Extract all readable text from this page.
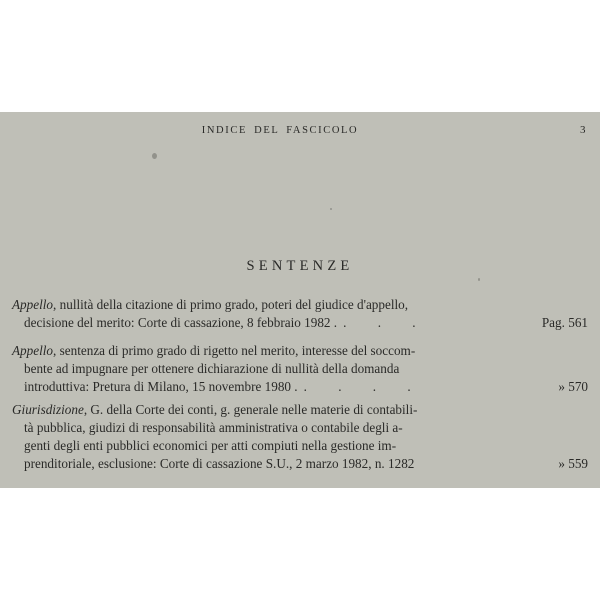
INDICE DEL FASCICOLO	3
SENTENZE
Appello, nullità della citazione di primo grado, poteri del giudice d'appello,
decisione del merito: Corte di cassazione, 8 febbraio 1982 . . . .	Pag. 561
Appello, sentenza di primo grado di rigetto nel merito, interesse del soccom-
bente ad impugnare per ottenere dichiarazione di nullità della domanda
introduttiva: Pretura di Milano, 15 novembre 1980 . . . . .	» 570
Giurisdizione, G. della Corte dei conti, g. generale nelle materie di contabili-
tà pubblica, giudizi di responsabilità amministrativa o contabile degli a-
genti degli enti pubblici economici per atti compiuti nella gestione im-
prenditoriale, esclusione: Corte di cassazione S.U., 2 marzo 1982, n. 1282	» 559
